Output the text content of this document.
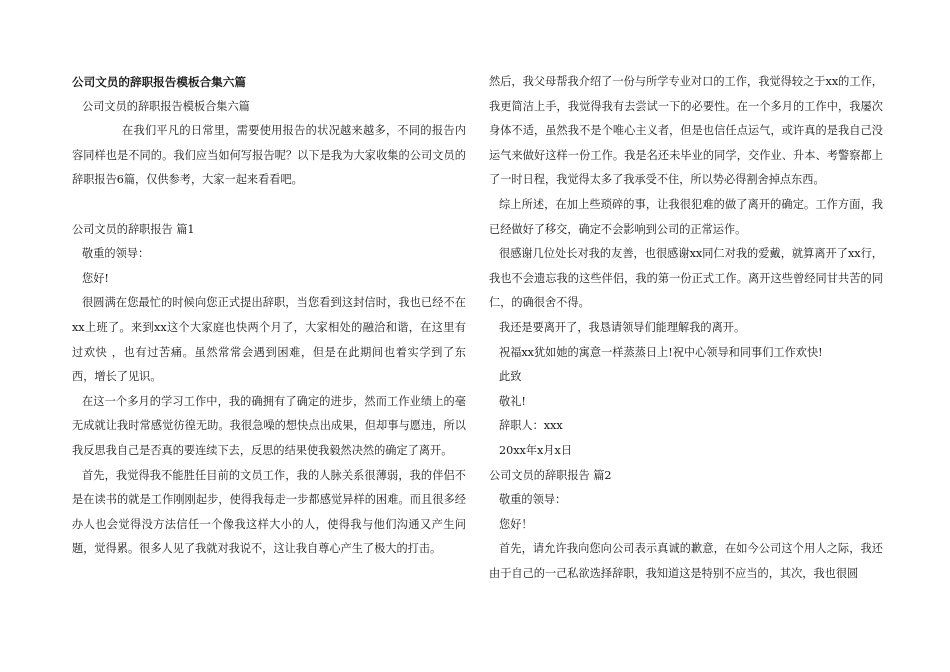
公司文员的辞职报告模板合集六篇

公司文员的辞职报告模板合集六篇

在我们平凡的日常里，需要使用报告的状况越来越多，不同的报告内容同样也是不同的。我们应当如何写报告呢？以下是我为大家收集的公司文员的辞职报告6篇，仅供参考，大家一起来看看吧。

公司文员的辞职报告 篇1

敬重的领导：

您好!

很圆满在您最忙的时候向您正式提出辞职，当您看到这封信时，我也已经不在xx上班了。来到xx这个大家庭也快两个月了，大家相处的融洽和谐，在这里有过欢快 ，也有过苦痛。虽然常常会遇到困难，但是在此期间也着实学到了东西，增长了见识。

在这一个多月的学习工作中，我的确拥有了确定的进步，然而工作业绩上的毫无成就让我时常感觉彷徨无助。我很急噪的想快点出成果，但却事与愿违，所以我反思我自己是否真的要连续下去，反思的结果使我毅然决然的确定了离开。

首先，我觉得我不能胜任目前的文员工作，我的人脉关系很薄弱，我的伴侣不是在读书的就是工作刚刚起步，使得我每走一步都感觉异样的困难。而且很多经办人也会觉得没方法信任一个像我这样大小的人，使得我与他们沟通又产生问题，觉得累。很多人见了我就对我说不，这让我自尊心产生了极大的打击。

然后，我父母帮我介绍了一份与所学专业对口的工作，我觉得较之于xx的工作，我更简洁上手，我觉得我有去尝试一下的必要性。在一个多月的工作中，我屡次身体不适，虽然我不是个唯心主义者，但是也信任点运气，或许真的是我自己没运气来做好这样一份工作。我是名还未毕业的同学，交作业、升本、考警察都上了一时日程，我觉得太多了我承受不住，所以势必得割舍掉点东西。

综上所述，在加上些琐碎的事，让我很犯难的做了离开的确定。工作方面，我已经做好了移交，确定不会影响到公司的正常运作。

很感谢几位处长对我的友善，也很感谢xx同仁对我的爱戴，就算离开了xx行，我也不会遗忘我的这些伴侣，我的第一份正式工作。离开这些曾经同甘共苦的同仁，的确很舍不得。

我还是要离开了，我恳请领导们能理解我的离开。

祝福xx犹如她的寓意一样蒸蒸日上!祝中心领导和同事们工作欢快!

此致

敬礼!

辞职人：xxx

20xx年x月x日

公司文员的辞职报告 篇2

敬重的领导：

您好！

首先，请允许我向您向公司表示真诚的歉意，在如今公司这个用人之际，我还由于自己的一己私欲选择辞职，我知道这是特别不应当的，其次，我也很圆
